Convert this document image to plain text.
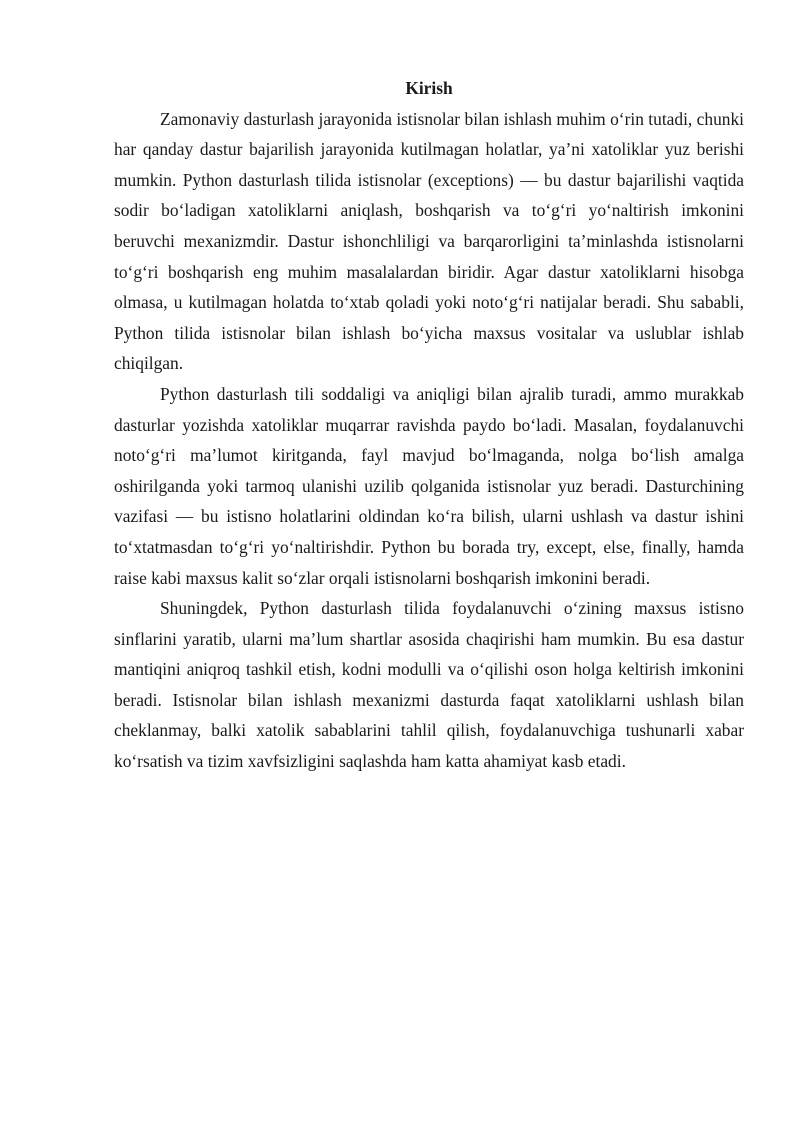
Kirish

Zamonaviy dasturlash jarayonida istisnolar bilan ishlash muhim o‘rin tutadi, chunki har qanday dastur bajarilish jarayonida kutilmagan holatlar, ya’ni xatoliklar yuz berishi mumkin. Python dasturlash tilida istisnolar (exceptions) — bu dastur bajarilishi vaqtida sodir bo‘ladigan xatoliklarni aniqlash, boshqarish va to‘g‘ri yo‘naltirish imkonini beruvchi mexanizmdir. Dastur ishonchliligi va barqarorligini ta’minlashda istisnolarni to‘g‘ri boshqarish eng muhim masalalardan biridir. Agar dastur xatoliklarni hisobga olmasa, u kutilmagan holatda to‘xtab qoladi yoki noto‘g‘ri natijalar beradi. Shu sababli, Python tilida istisnolar bilan ishlash bo‘yicha maxsus vositalar va uslublar ishlab chiqilgan.

Python dasturlash tili soddaligi va aniqligi bilan ajralib turadi, ammo murakkab dasturlar yozishda xatoliklar muqarrar ravishda paydo bo‘ladi. Masalan, foydalanuvchi noto‘g‘ri ma’lumot kiritganda, fayl mavjud bo‘lmaganda, nolga bo‘lish amalga oshirilganda yoki tarmoq ulanishi uzilib qolganida istisnolar yuz beradi. Dasturchining vazifasi — bu istisno holatlarini oldindan ko‘ra bilish, ularni ushlash va dastur ishini to‘xtatmasdan to‘g‘ri yo‘naltirishdir. Python bu borada try, except, else, finally, hamda raise kabi maxsus kalit so‘zlar orqali istisnolarni boshqarish imkonini beradi.

Shuningdek, Python dasturlash tilida foydalanuvchi o‘zining maxsus istisno sinflarini yaratib, ularni ma’lum shartlar asosida chaqirishi ham mumkin. Bu esa dastur mantiqini aniqroq tashkil etish, kodni modulli va o‘qilishi oson holga keltirish imkonini beradi. Istisnolar bilan ishlash mexanizmi dasturda faqat xatoliklarni ushlash bilan cheklanmay, balki xatolik sabablarini tahlil qilish, foydalanuvchiga tushunarli xabar ko‘rsatish va tizim xavfsizligini saqlashda ham katta ahamiyat kasb etadi.
